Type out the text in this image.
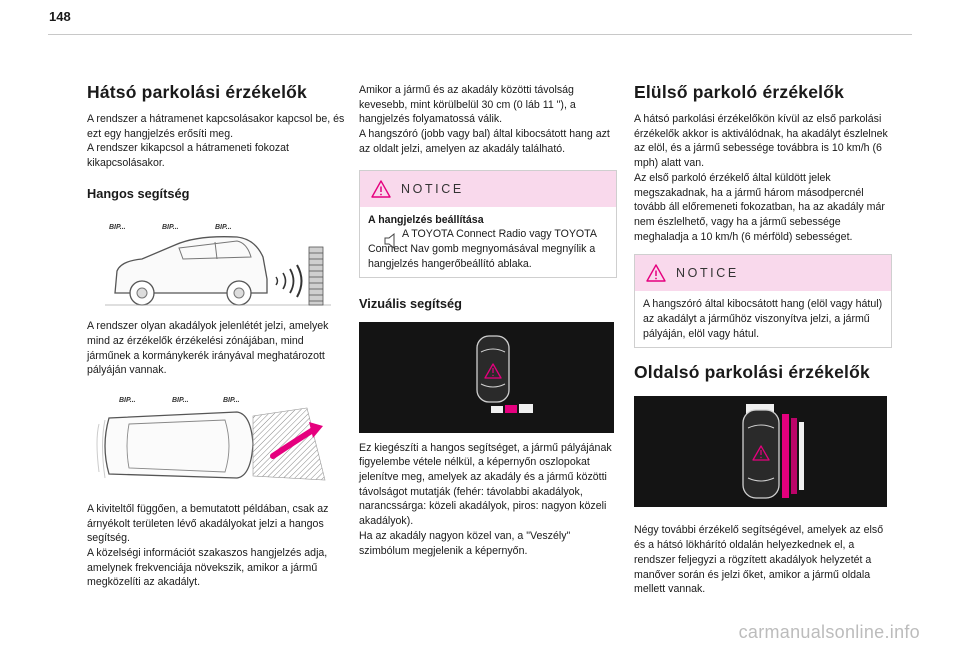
148
Hátsó parkolási érzékelők

A rendszer a hátramenet kapcsolásakor kapcsol be, és ezt egy hangjelzés erősíti meg.
A rendszer kikapcsol a hátrameneti fokozat kikapcsolásakor.

Hangos segítség
BIP...	BIP...	BIP...

A rendszer olyan akadályok jelenlétét jelzi, amelyek mind az érzékelők érzékelési zónájában, mind járműnek a kormánykerék irányával meghatározott pályáján vannak.

BIP...	BIP...	BIP...

A kiviteltől függően, a bemutatott példában, csak az árnyékolt területen lévő akadályokat jelzi a hangos segítség.
A közelségi információt szakaszos hangjelzés adja, amelynek frekvenciája növekszik, amikor a jármű megközelíti az akadályt.

Amikor a jármű és az akadály közötti távolság kevesebb, mint körülbelül 30 cm (0 láb 11 "), a hangjelzés folyamatossá válik.
A hangszóró (jobb vagy bal) által kibocsátott hang azt az oldalt jelzi, amelyen az akadály található.

NOTICE

A hangjelzés beállítása

A TOYOTA Connect Radio vagy TOYOTA Connect Nav gomb megnyomásával megnyílik a hangjelzés hangerőbeállító ablaka.

Vizuális segítség

Ez kiegészíti a hangos segítséget, a jármű pályájának figyelembe vétele nélkül, a képernyőn oszlopokat jelenítve meg, amelyek az akadály és a jármű közötti távolságot mutatják (fehér: távolabbi akadályok, narancssárga: közeli akadályok, piros: nagyon közeli akadályok).
Ha az akadály nagyon közel van, a "Veszély" szimbólum megjelenik a képernyőn.

Elülső parkoló érzékelők

A hátsó parkolási érzékelőkön kívül az első parkolási érzékelők akkor is aktiválódnak, ha akadályt észlelnek az elöl, és a jármű sebessége továbbra is 10 km/h (6 mph) alatt van.
Az első parkoló érzékelő által küldött jelek megszakadnak, ha a jármű három másodpercnél tovább áll előremeneti fokozatban, ha az akadály már nem észlelhető, vagy ha a jármű sebessége meghaladja a 10 km/h (6 mérföld) sebességet.

NOTICE

A hangszóró által kibocsátott hang (elöl vagy hátul) az akadályt a járműhöz viszonyítva jelzi, a jármű pályáján, elöl vagy hátul.

Oldalsó parkolási érzékelők

Négy további érzékelő segítségével, amelyek az első és a hátsó lökhárító oldalán helyezkednek el, a rendszer feljegyzi a rögzített akadályok helyzetét a manőver során és jelzi őket, amikor a jármű oldala mellett vannak.

carmanualsonline.info
